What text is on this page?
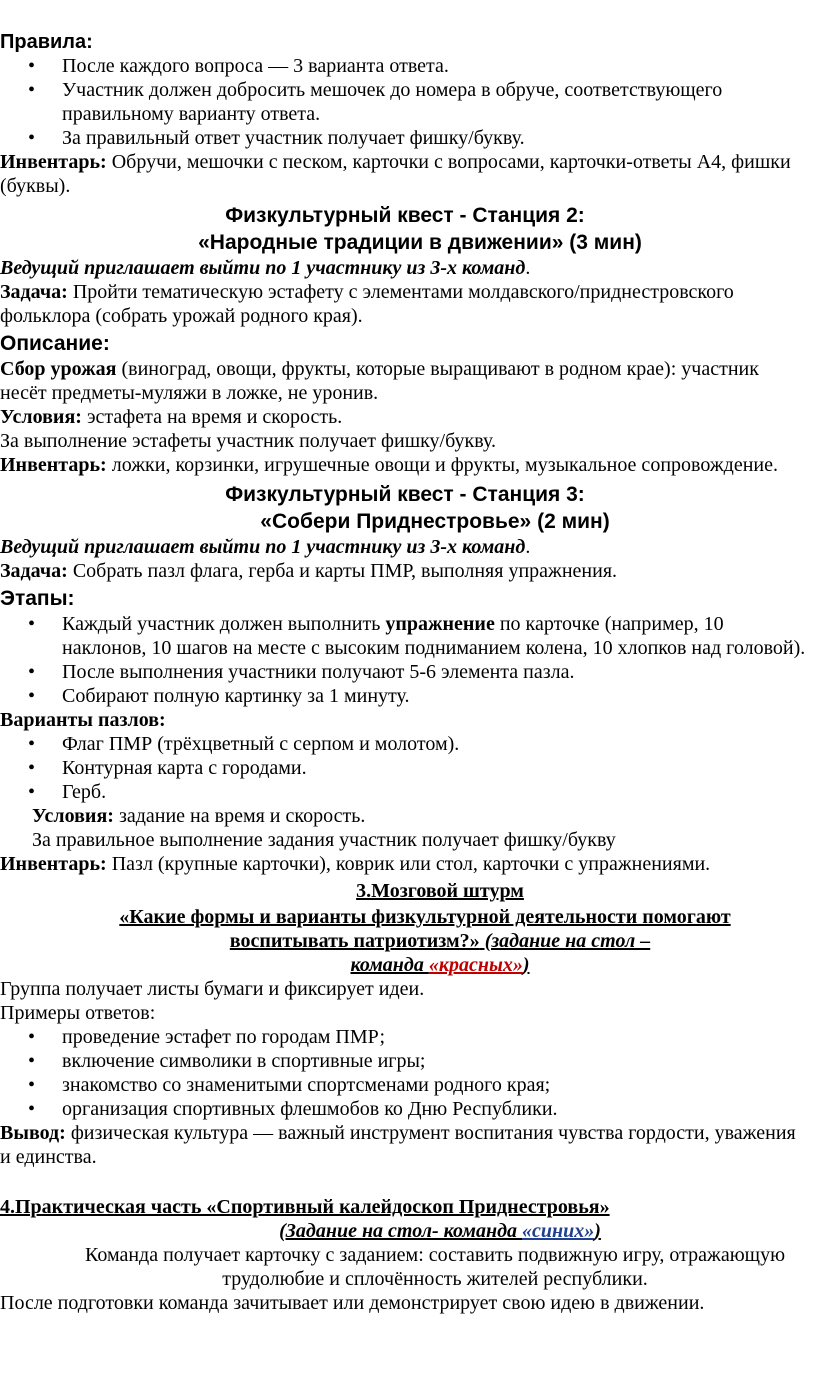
Правила:

• После каждого вопроса — 3 варианта ответа.
• Участник должен добросить мешочек до номера в обруче, соответствующего правильному варианту ответа.
• За правильный ответ участник получает фишку/букву.

Инвентарь: Обручи, мешочки с песком, карточки с вопросами, карточки-ответы А4, фишки (буквы).

Физкультурный квест - Станция 2:

«Народные традиции в движении» (3 мин)

Ведущий приглашает выйти по 1 участнику из 3-х команд.

Задача: Пройти тематическую эстафету с элементами молдавского/приднестровского фольклора (собрать урожай родного края).

Описание:

Сбор урожая (виноград, овощи, фрукты, которые выращивают в родном крае): участник несёт предметы-муляжи в ложке, не уронив.

Условия: эстафета на время и скорость.

За выполнение эстафеты участник получает фишку/букву.

Инвентарь: ложки, корзинки, игрушечные овощи и фрукты, музыкальное сопровождение.

Физкультурный квест - Станция 3:

«Собери Приднестровье» (2 мин)

Ведущий приглашает выйти по 1 участнику из 3-х команд.

Задача: Собрать пазл флага, герба и карты ПМР, выполняя упражнения.

Этапы:

• Каждый участник должен выполнить упражнение по карточке (например, 10 наклонов, 10 шагов на месте с высоким подниманием колена, 10 хлопков над головой).
• После выполнения участники получают 5-6 элемента пазла.
• Собирают полную картинку за 1 минуту.

Варианты пазлов:

• Флаг ПМР (трёхцветный с серпом и молотом).
• Контурная карта с городами.
• Герб.

Условия: задание на время и скорость.

За правильное выполнение задания участник получает фишку/букву

Инвентарь: Пазл (крупные карточки), коврик или стол, карточки с упражнениями.

3.Мозговой штурм

«Какие формы и варианты физкультурной деятельности помогают

воспитывать патриотизм?» (задание на стол –

команда «красных»)

Группа получает листы бумаги и фиксирует идеи.

Примеры ответов:

• проведение эстафет по городам ПМР;
• включение символики в спортивные игры;
• знакомство со знаменитыми спортсменами родного края;
• организация спортивных флешмобов ко Дню Республики.

Вывод: физическая культура — важный инструмент воспитания чувства гордости, уважения и единства.

4.Практическая часть «Спортивный калейдоскоп Приднестровья»

(Задание на стол- команда «синих»)

Команда получает карточку с заданием: составить подвижную игру, отражающую трудолюбие и сплочённость жителей республики.

После подготовки команда зачитывает или демонстрирует свою идею в движении.
